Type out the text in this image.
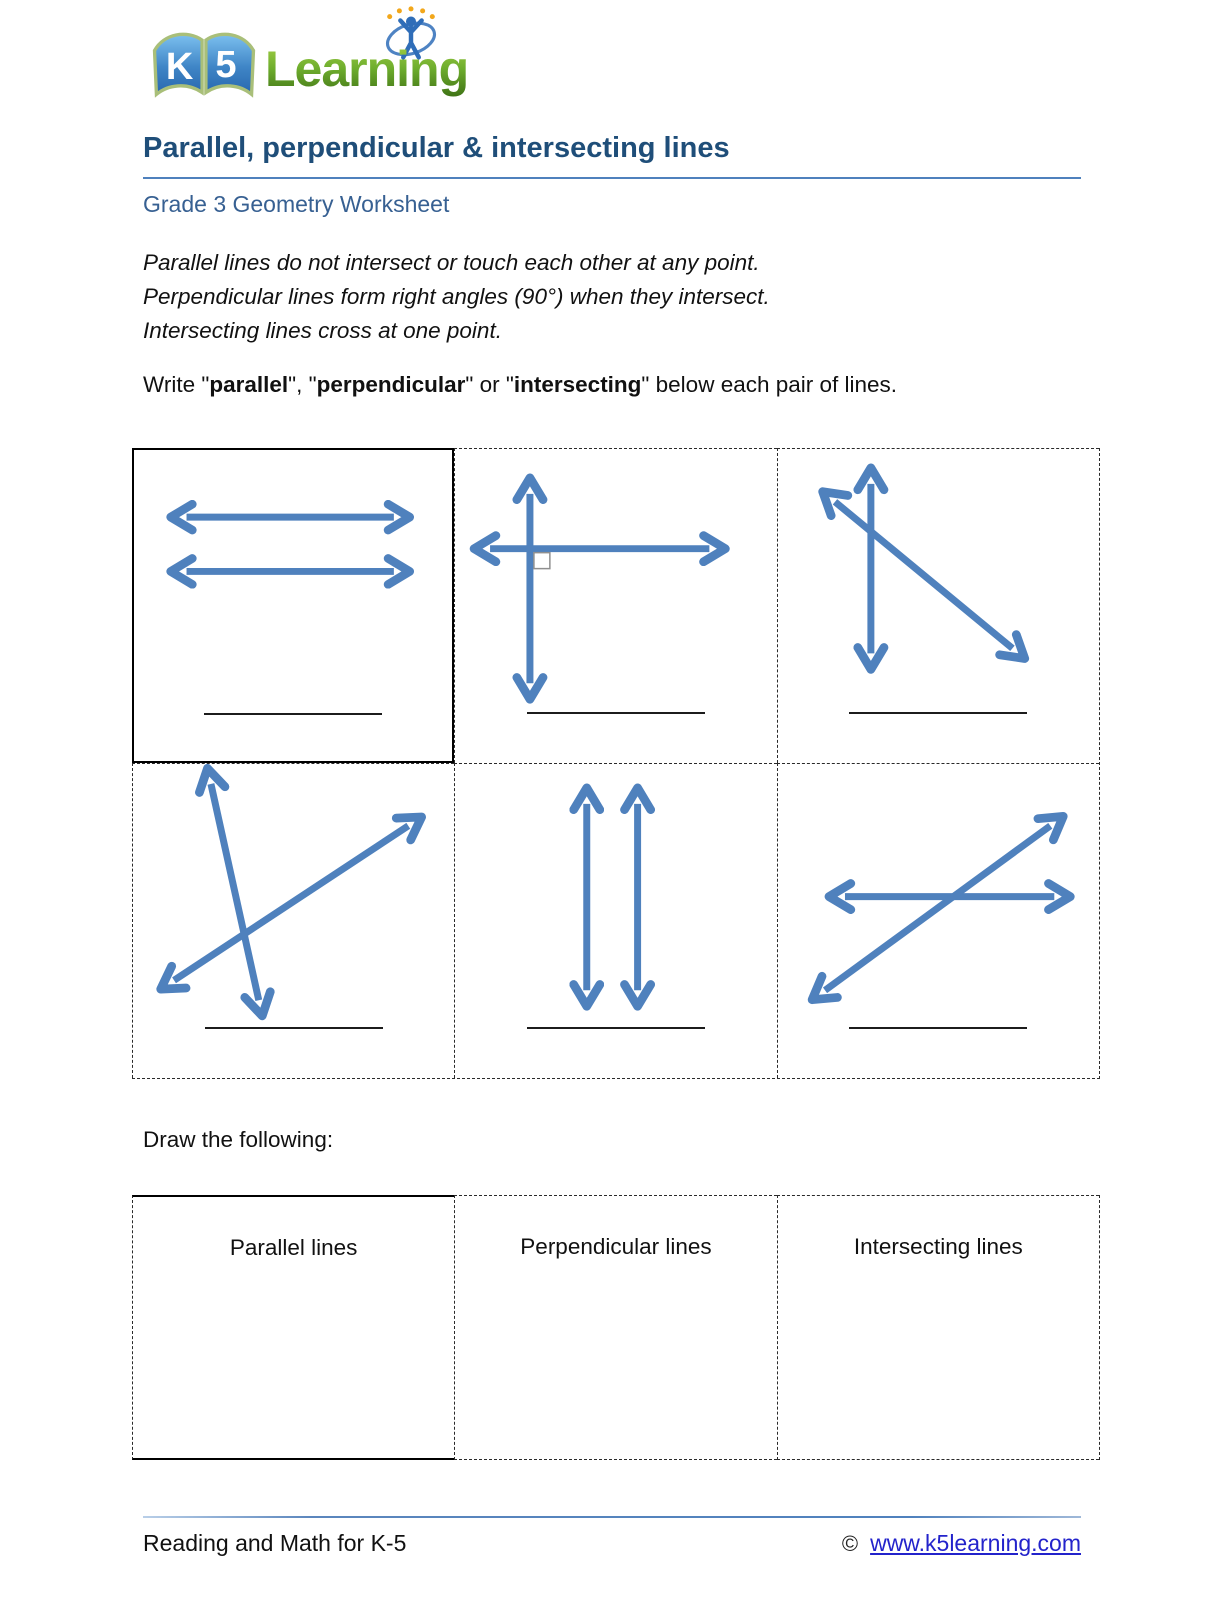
K 5 Learning
Parallel, perpendicular & intersecting lines
Grade 3 Geometry Worksheet

Parallel lines do not intersect or touch each other at any point.

Perpendicular lines form right angles (90°) when they intersect.

Intersecting lines cross at one point.

Write "parallel", "perpendicular" or "intersecting" below each pair of lines.

Draw the following:

Parallel lines	Perpendicular lines	Intersecting lines
Reading and Math for K-5	© www.k5learning.com
